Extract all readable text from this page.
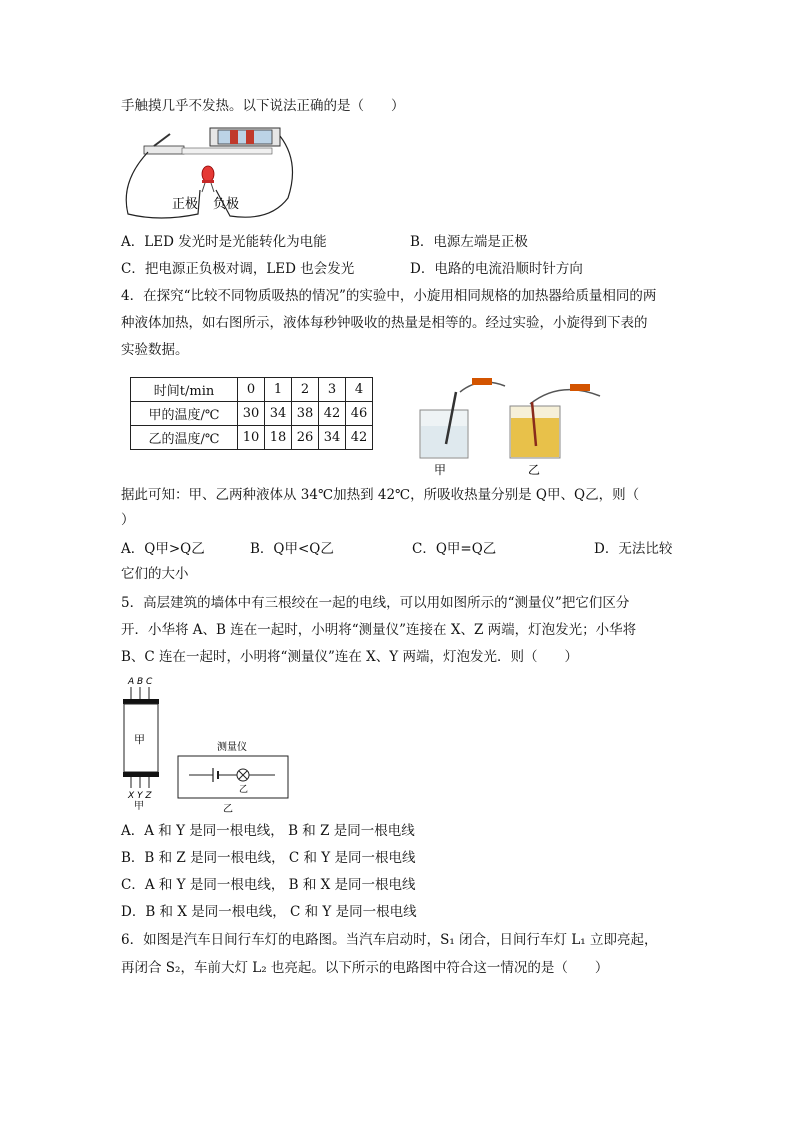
手触摸几乎不发热。以下说法正确的是（　　）
正极 负极
A．LED 发光时是光能转化为电能	B．电源左端是正极
C．把电源正负极对调，LED 也会发光	D．电路的电流沿顺时针方向
4．在探究“比较不同物质吸热的情况”的实验中，小旋用相同规格的加热器给质量相同的两
种液体加热，如右图所示，液体每秒钟吸收的热量是相等的。经过实验，小旋得到下表的
实验数据。
时间t/min	0	1	2	3	4
甲的温度/℃	30	34	38	42	46
乙的温度/℃	10	18	26	34	42
甲	乙
据此可知：甲、乙两种液体从 34℃加热到 42℃，所吸收热量分别是 Q甲、Q乙，则（
）
A．Q甲>Q乙	B．Q甲<Q乙	C．Q甲=Q乙	D．无法比较
它们的大小
5．高层建筑的墙体中有三根绞在一起的电线，可以用如图所示的“测量仪”把它们区分
开．小华将 A、B 连在一起时，小明将“测量仪”连接在 X、Z 两端，灯泡发光；小华将
B、C 连在一起时，小明将“测量仪”连在 X、Y 两端，灯泡发光．则（　　）
A B C
甲
X Y Z
甲
测量仪
乙
乙
A．A 和 Y 是同一根电线， B 和 Z 是同一根电线
B．B 和 Z 是同一根电线， C 和 Y 是同一根电线
C．A 和 Y 是同一根电线， B 和 X 是同一根电线
D．B 和 X 是同一根电线， C 和 Y 是同一根电线
6．如图是汽车日间行车灯的电路图。当汽车启动时，S₁ 闭合，日间行车灯 L₁ 立即亮起，
再闭合 S₂，车前大灯 L₂ 也亮起。以下所示的电路图中符合这一情况的是（　　）
